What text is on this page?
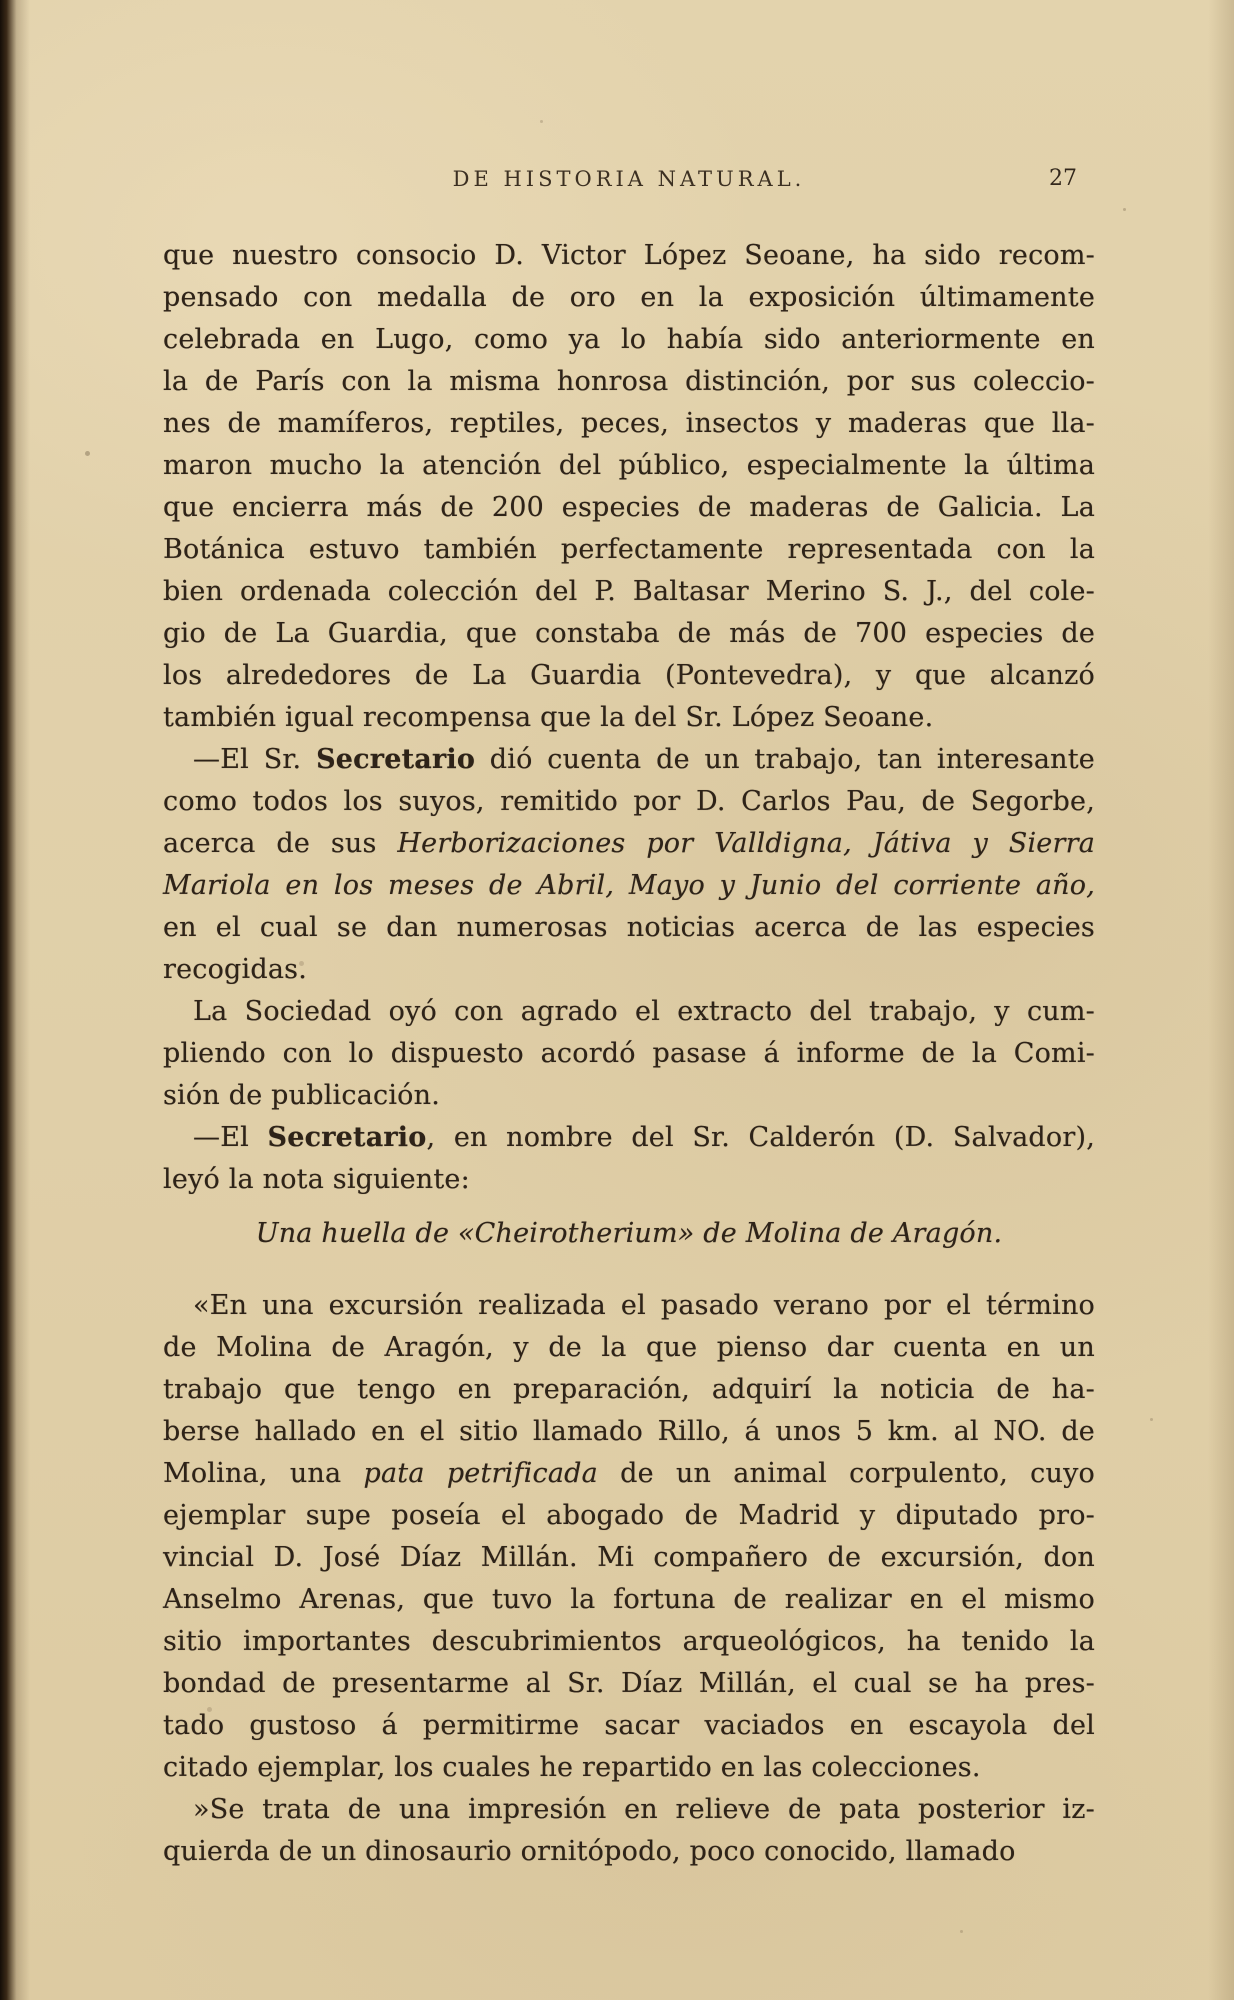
DE HISTORIA NATURAL.	27
que nuestro consocio D. Victor López Seoane, ha sido recom-
pensado con medalla de oro en la exposición últimamente
celebrada en Lugo, como ya lo había sido anteriormente en
la de París con la misma honrosa distinción, por sus coleccio-
nes de mamíferos, reptiles, peces, insectos y maderas que lla-
maron mucho la atención del público, especialmente la última
que encierra más de 200 especies de maderas de Galicia. La
Botánica estuvo también perfectamente representada con la
bien ordenada colección del P. Baltasar Merino S. J., del cole-
gio de La Guardia, que constaba de más de 700 especies de
los alrededores de La Guardia (Pontevedra), y que alcanzó
también igual recompensa que la del Sr. López Seoane.
—El Sr. Secretario dió cuenta de un trabajo, tan interesante
como todos los suyos, remitido por D. Carlos Pau, de Segorbe,
acerca de sus Herborizaciones por Valldigna, Játiva y Sierra
Mariola en los meses de Abril, Mayo y Junio del corriente año,
en el cual se dan numerosas noticias acerca de las especies
recogidas.
La Sociedad oyó con agrado el extracto del trabajo, y cum-
pliendo con lo dispuesto acordó pasase á informe de la Comi-
sión de publicación.
—El Secretario, en nombre del Sr. Calderón (D. Salvador),
leyó la nota siguiente:
Una huella de «Cheirotherium» de Molina de Aragón.
«En una excursión realizada el pasado verano por el término
de Molina de Aragón, y de la que pienso dar cuenta en un
trabajo que tengo en preparación, adquirí la noticia de ha-
berse hallado en el sitio llamado Rillo, á unos 5 km. al NO. de
Molina, una pata petrificada de un animal corpulento, cuyo
ejemplar supe poseía el abogado de Madrid y diputado pro-
vincial D. José Díaz Millán. Mi compañero de excursión, don
Anselmo Arenas, que tuvo la fortuna de realizar en el mismo
sitio importantes descubrimientos arqueológicos, ha tenido la
bondad de presentarme al Sr. Díaz Millán, el cual se ha pres-
tado gustoso á permitirme sacar vaciados en escayola del
citado ejemplar, los cuales he repartido en las colecciones.
»Se trata de una impresión en relieve de pata posterior iz-
quierda de un dinosaurio ornitópodo, poco conocido, llamado
